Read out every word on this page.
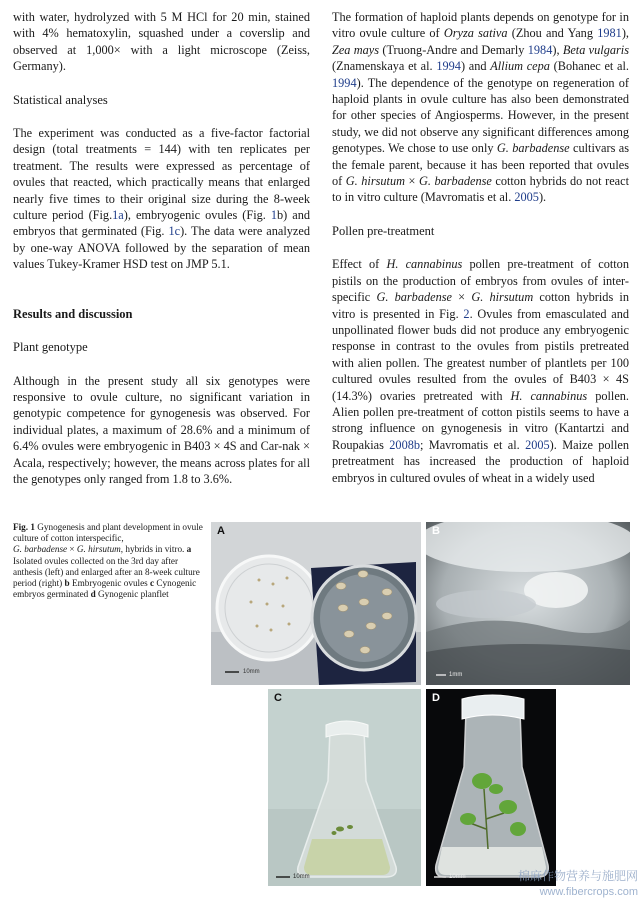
with water, hydrolyzed with 5 M HCl for 20 min, stained with 4% hematoxylin, squashed under a coverslip and observed at 1,000× with a light microscope (Zeiss, Germany).

Statistical analyses

The experiment was conducted as a five-factor factorial design (total treatments = 144) with ten replicates per treatment. The results were expressed as percentage of ovules that reacted, which practically means that enlarged nearly five times to their original size during the 8-week culture period (Fig.1a), embryogenic ovules (Fig. 1b) and embryos that germinated (Fig. 1c). The data were analyzed by one-way ANOVA followed by the separation of mean values Tukey-Kramer HSD test on JMP 5.1.

Results and discussion
Plant genotype

Although in the present study all six genotypes were responsive to ovule culture, no significant variation in genotypic competence for gynogenesis was observed. For individual plates, a maximum of 28.6% and a minimum of 6.4% ovules were embryogenic in B403 × 4S and Car-nak × Acala, respectively; however, the means across plates for all the genotypes only ranged from 1.8 to 3.6%.

The formation of haploid plants depends on genotype for in vitro ovule culture of Oryza sativa (Zhou and Yang 1981), Zea mays (Truong-Andre and Demarly 1984), Beta vulgaris (Znamenskaya et al. 1994) and Allium cepa (Bohanec et al. 1994). The dependence of the genotype on regeneration of haploid plants in ovule culture has also been demonstrated for other species of Angiosperms. However, in the present study, we did not observe any significant differences among genotypes. We chose to use only G. barbadense cultivars as the female parent, because it has been reported that ovules of G. hirsutum × G. barbadense cotton hybrids do not react to in vitro culture (Mavromatis et al. 2005).

Pollen pre-treatment

Effect of H. cannabinus pollen pre-treatment of cotton pistils on the production of embryos from ovules of inter-specific G. barbadense × G. hirsutum cotton hybrids in vitro is presented in Fig. 2. Ovules from emasculated and unpollinated flower buds did not produce any embryogenic response in contrast to the ovules from pistils pretreated with alien pollen. The greatest number of plantlets per 100 cultured ovules resulted from the ovules of B403 × 4S (14.3%) ovaries pretreated with H. cannabinus pollen. Alien pollen pre-treatment of cotton pistils seems to have a strong influence on gynogenesis in vitro (Kantartzi and Roupakias 2008b; Mavromatis et al. 2005). Maize pollen pretreatment has increased the production of haploid embryos in cultured ovules of wheat in a widely used

Fig. 1 Gynogenesis and plant development in ovule culture of cotton interspecific,
G. barbadense × G. hirsutum, hybrids in vitro. a Isolated ovules collected on the 3rd day after anthesis (left) and enlarged after an 8-week culture period (right) b Embryogenic ovules c Cynogenic embryos germinated d Gynogenic planflet
A
10mm
B
1mm
C
10mm
D
10mm	棉麻作物营养与施肥网
www.fibercrops.com
